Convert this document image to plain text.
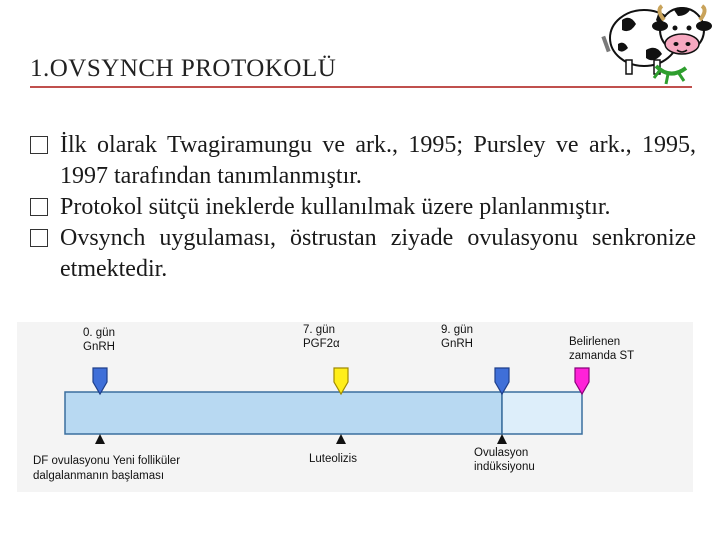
1.OVSYNCH PROTOKOLÜ
İlk olarak Twagiramungu ve ark., 1995; Pursley ve ark., 1995, 1997 tarafından tanımlanmıştır.
Protokol sütçü ineklerde kullanılmak üzere planlanmıştır.
Ovsynch uygulaması, östrustan ziyade ovulasyonu senkronize etmektedir.
0. gün
GnRH
7. gün
PGF2α
9. gün
GnRH	Belirlenen
zamanda ST
DF ovulasyonu Yeni folliküler
dalgalanmanın başlaması
Luteolizis	Ovulasyon
indüksiyonu
